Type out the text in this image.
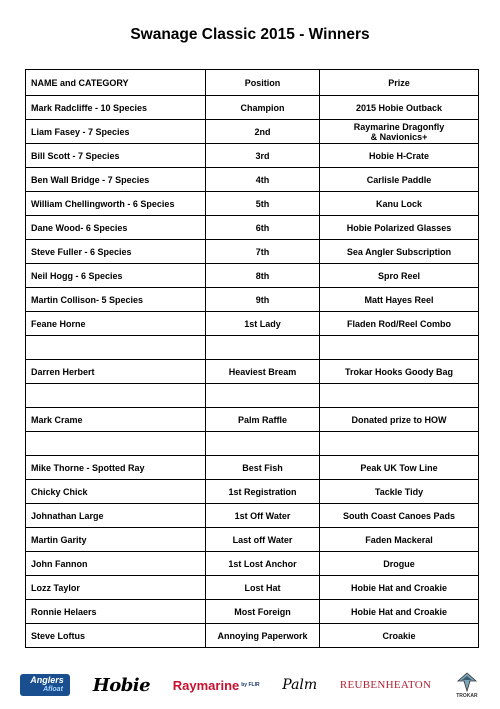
Swanage Classic 2015 - Winners
NAME and CATEGORY	Position	Prize
Mark Radcliffe - 10 Species	Champion	2015 Hobie Outback
Liam Fasey - 7 Species	2nd	Raymarine Dragonfly
& Navionics+
Bill Scott - 7 Species	3rd	Hobie H-Crate
Ben Wall Bridge - 7 Species	4th	Carlisle Paddle
William Chellingworth - 6 Species	5th	Kanu Lock
Dane Wood- 6 Species	6th	Hobie Polarized Glasses
Steve Fuller - 6 Species	7th	Sea Angler Subscription
Neil Hogg - 6 Species	8th	Spro Reel
Martin Collison- 5 Species	9th	Matt Hayes Reel
Feane Horne	1st Lady	Fladen Rod/Reel Combo

Darren Herbert	Heaviest Bream	Trokar Hooks Goody Bag

Mark Crame	Palm Raffle	Donated prize to HOW

Mike Thorne - Spotted Ray	Best Fish	Peak UK Tow Line
Chicky Chick	1st Registration	Tackle Tidy
Johnathan Large	1st Off Water	South Coast Canoes Pads
Martin Garity	Last off Water	Faden Mackeral
John Fannon	1st Lost Anchor	Drogue
Lozz Taylor	Lost Hat	Hobie Hat and Croakie
Ronnie Helaers	Most Foreign	Hobie Hat and Croakie
Steve Loftus	Annoying Paperwork	Croakie
Anglers
Afloat Hobie Raymarine by FLIR Palm REUBENHEATON
TROKAR
